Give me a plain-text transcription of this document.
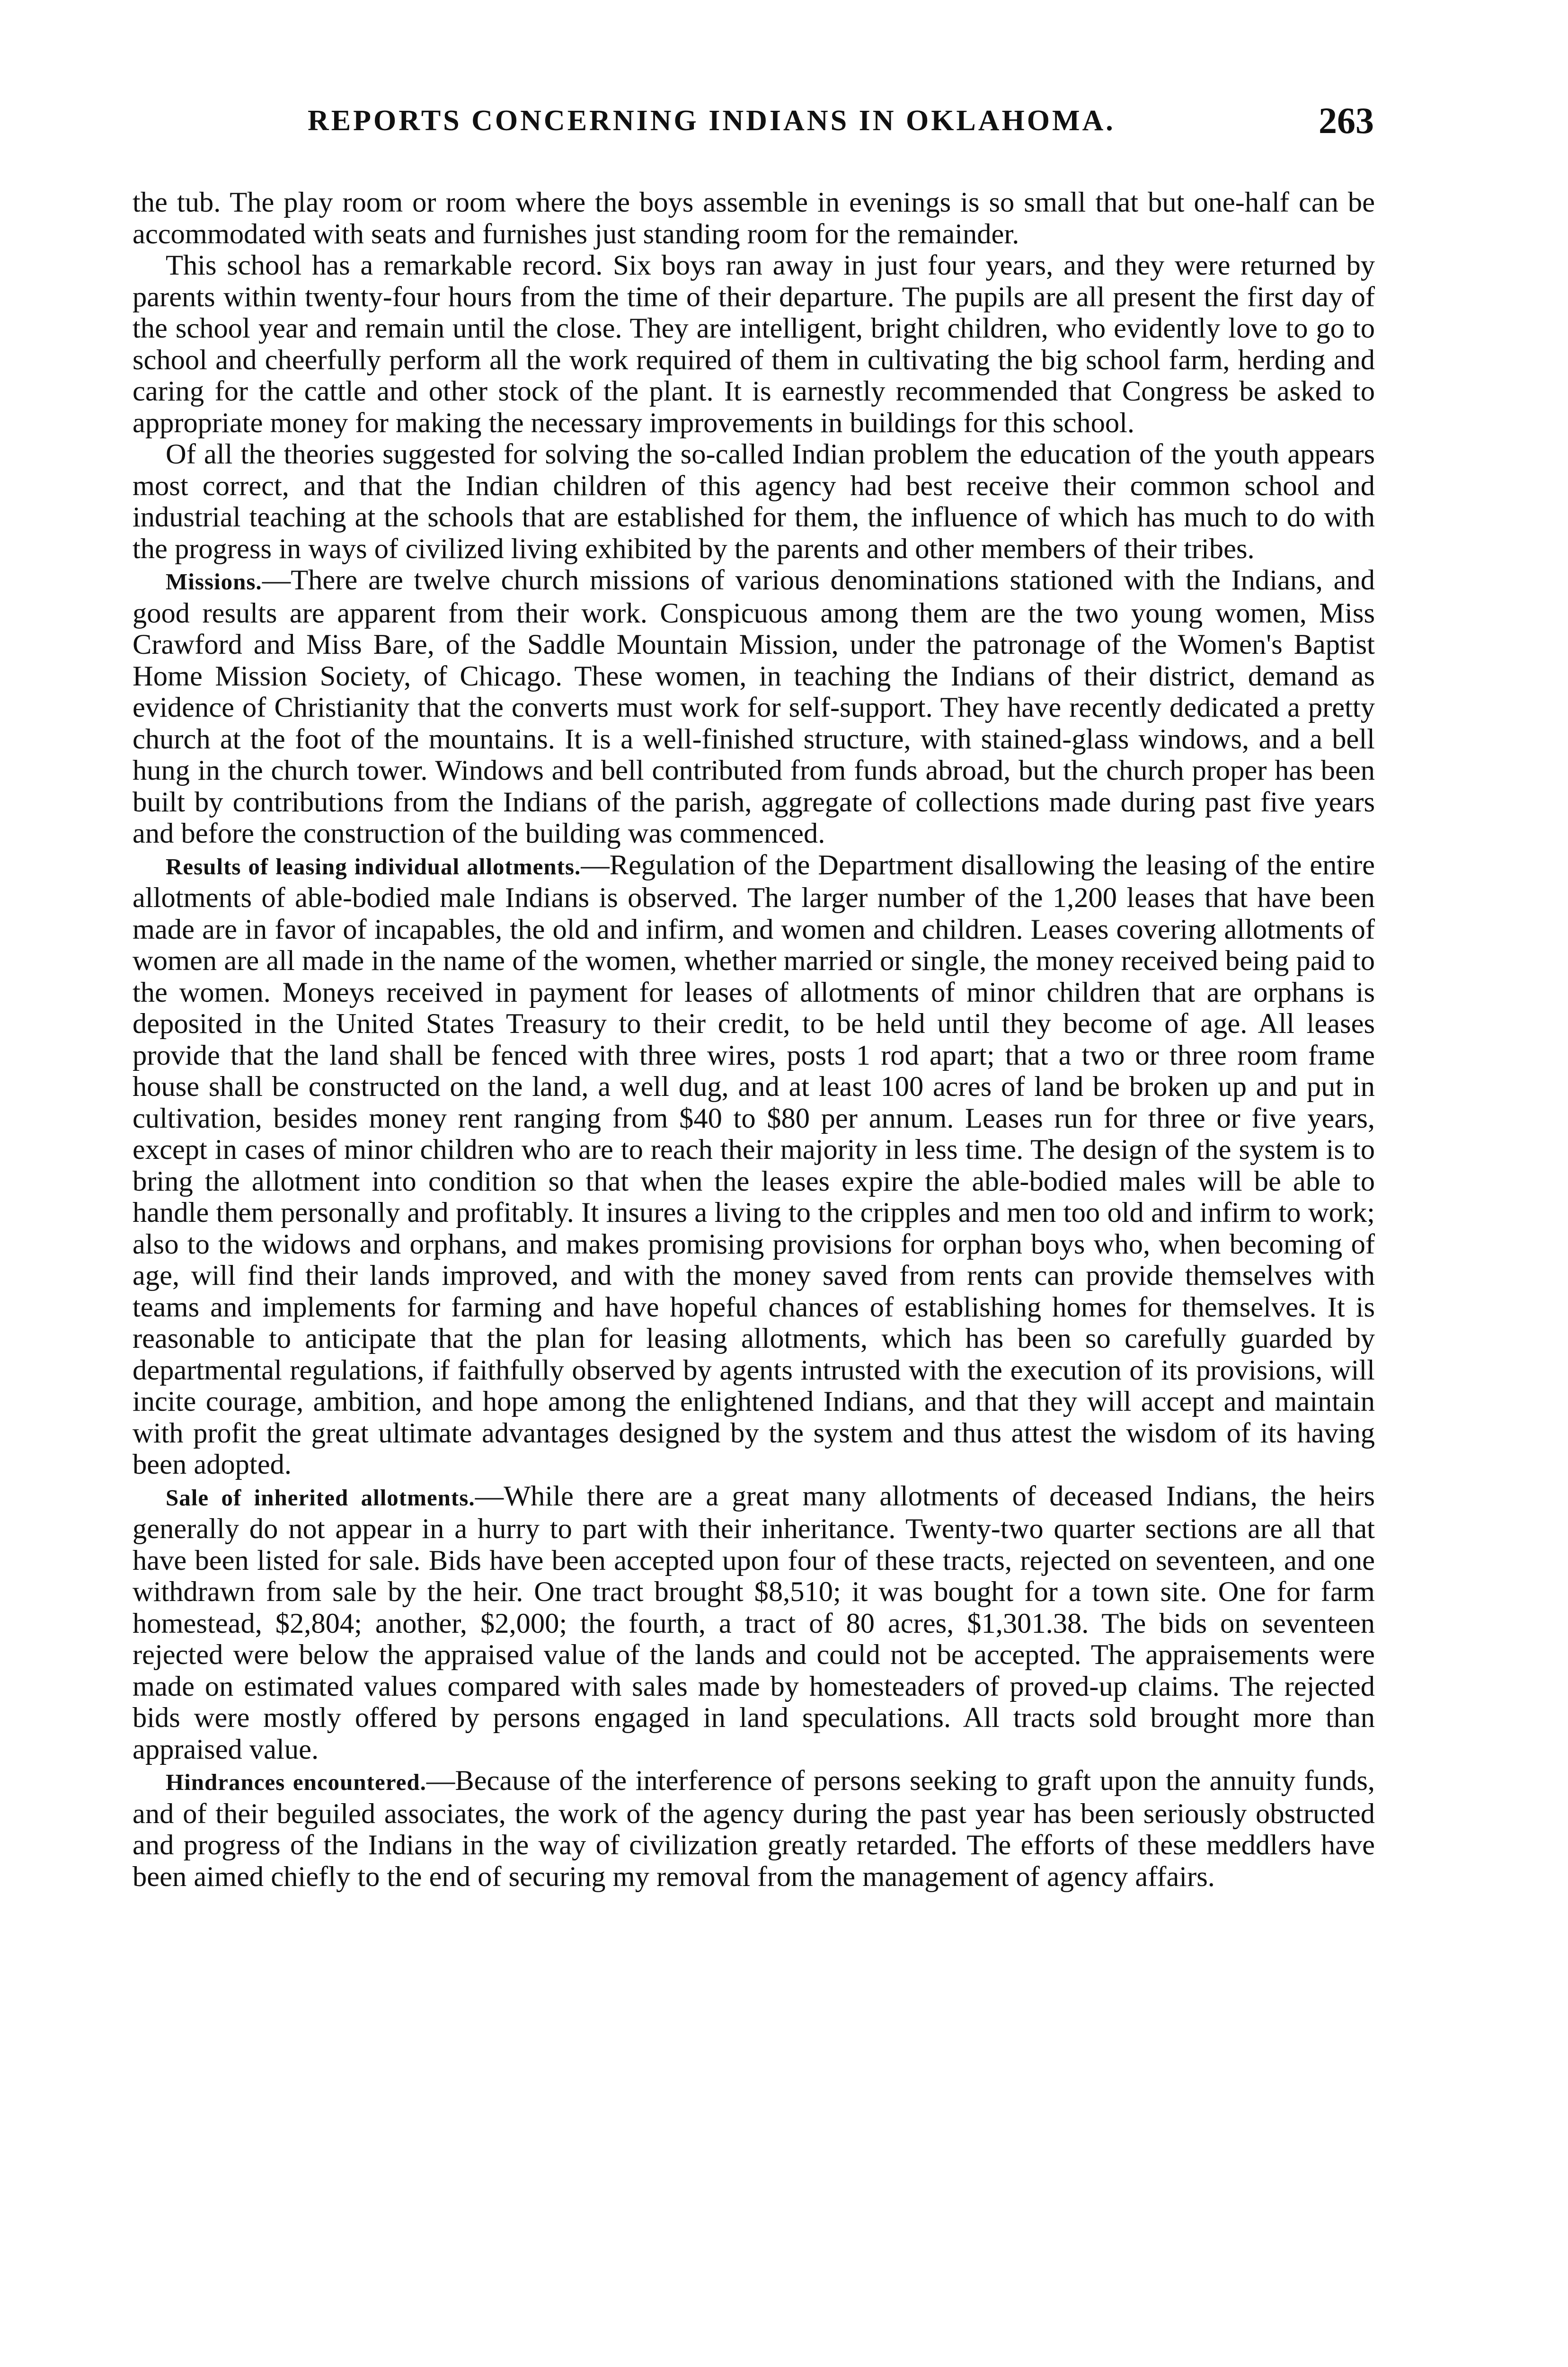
REPORTS CONCERNING INDIANS IN OKLAHOMA.	263

the tub. The play room or room where the boys assemble in evenings is so small that but one-half can be accommodated with seats and furnishes just standing room for the remainder.

This school has a remarkable record. Six boys ran away in just four years, and they were returned by parents within twenty-four hours from the time of their departure. The pupils are all present the first day of the school year and remain until the close. They are intelligent, bright children, who evidently love to go to school and cheerfully perform all the work required of them in cultivating the big school farm, herding and caring for the cattle and other stock of the plant. It is earnestly recommended that Congress be asked to appropriate money for making the necessary improvements in buildings for this school.

Of all the theories suggested for solving the so-called Indian problem the education of the youth appears most correct, and that the Indian children of this agency had best receive their common school and industrial teaching at the schools that are established for them, the influence of which has much to do with the progress in ways of civilized living exhibited by the parents and other members of their tribes.

Missions.—There are twelve church missions of various denominations stationed with the Indians, and good results are apparent from their work. Conspicuous among them are the two young women, Miss Crawford and Miss Bare, of the Saddle Mountain Mission, under the patronage of the Women's Baptist Home Mission Society, of Chicago. These women, in teaching the Indians of their district, demand as evidence of Christianity that the converts must work for self-support. They have recently dedicated a pretty church at the foot of the mountains. It is a well-finished structure, with stained-glass windows, and a bell hung in the church tower. Windows and bell contributed from funds abroad, but the church proper has been built by contributions from the Indians of the parish, aggregate of collections made during past five years and before the construction of the building was commenced.

Results of leasing individual allotments.—Regulation of the Department disallowing the leasing of the entire allotments of able-bodied male Indians is observed. The larger number of the 1,200 leases that have been made are in favor of incapables, the old and infirm, and women and children. Leases covering allotments of women are all made in the name of the women, whether married or single, the money received being paid to the women. Moneys received in payment for leases of allotments of minor children that are orphans is deposited in the United States Treasury to their credit, to be held until they become of age. All leases provide that the land shall be fenced with three wires, posts 1 rod apart; that a two or three room frame house shall be constructed on the land, a well dug, and at least 100 acres of land be broken up and put in cultivation, besides money rent ranging from $40 to $80 per annum. Leases run for three or five years, except in cases of minor children who are to reach their majority in less time. The design of the system is to bring the allotment into condition so that when the leases expire the able-bodied males will be able to handle them personally and profitably. It insures a living to the cripples and men too old and infirm to work; also to the widows and orphans, and makes promising provisions for orphan boys who, when becoming of age, will find their lands improved, and with the money saved from rents can provide themselves with teams and implements for farming and have hopeful chances of establishing homes for themselves. It is reasonable to anticipate that the plan for leasing allotments, which has been so carefully guarded by departmental regulations, if faithfully observed by agents intrusted with the execution of its provisions, will incite courage, ambition, and hope among the enlightened Indians, and that they will accept and maintain with profit the great ultimate advantages designed by the system and thus attest the wisdom of its having been adopted.

Sale of inherited allotments.—While there are a great many allotments of deceased Indians, the heirs generally do not appear in a hurry to part with their inheritance. Twenty-two quarter sections are all that have been listed for sale. Bids have been accepted upon four of these tracts, rejected on seventeen, and one withdrawn from sale by the heir. One tract brought $8,510; it was bought for a town site. One for farm homestead, $2,804; another, $2,000; the fourth, a tract of 80 acres, $1,301.38. The bids on seventeen rejected were below the appraised value of the lands and could not be accepted. The appraisements were made on estimated values compared with sales made by homesteaders of proved-up claims. The rejected bids were mostly offered by persons engaged in land speculations. All tracts sold brought more than appraised value.

Hindrances encountered.—Because of the interference of persons seeking to graft upon the annuity funds, and of their beguiled associates, the work of the agency during the past year has been seriously obstructed and progress of the Indians in the way of civilization greatly retarded. The efforts of these meddlers have been aimed chiefly to the end of securing my removal from the management of agency affairs.
